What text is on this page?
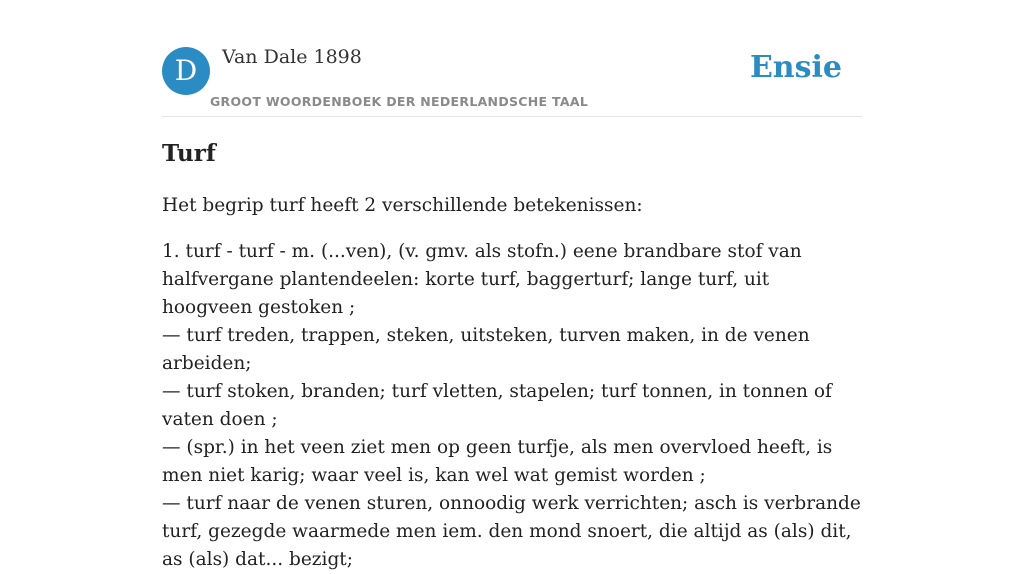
D	Van Dale 1898
GROOT WOORDENBOEK DER NEDERLANDSCHE TAAL
Ensie
Turf

Het begrip turf heeft 2 verschillende betekenissen:

1. turf - turf - m. (...ven), (v. gmv. als stofn.) eene brandbare stof van halfvergane plantendeelen: korte turf, baggerturf; lange turf, uit hoogveen gestoken ;
— turf treden, trappen, steken, uitsteken, turven maken, in de venen arbeiden;
— turf stoken, branden; turf vletten, stapelen; turf tonnen, in tonnen of vaten doen ;
— (spr.) in het veen ziet men op geen turfje, als men overvloed heeft, is men niet karig; waar veel is, kan wel wat gemist worden ;
— turf naar de venen sturen, onnoodig werk verrichten; asch is verbrande turf, gezegde waarmede men iem. den mond snoert, die altijd as (als) dit, as (als) dat... bezigt;
